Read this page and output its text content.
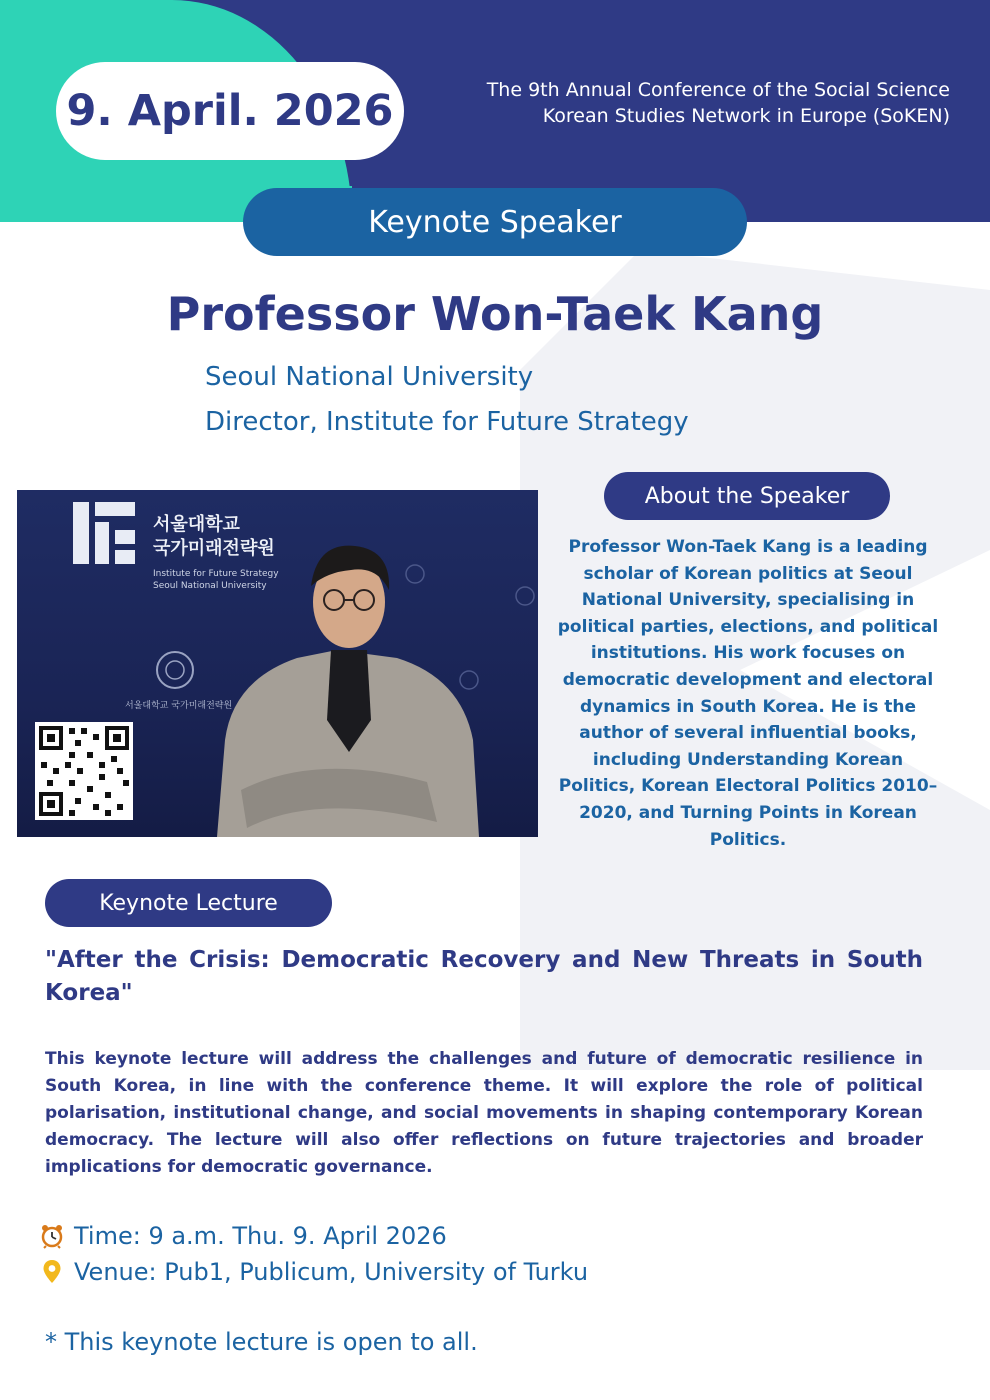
9. April. 2026	The 9th Annual Conference of the Social Science
Korean Studies Network in Europe (SoKEN)
Keynote Speaker
Professor Won-Taek Kang
Seoul National University
Director, Institute for Future Strategy
서울대학교
국가미래전략원
Institute for Future Strategy
Seoul National University
서울대학교 국가미래전략원
About the Speaker
Professor Won-Taek Kang is a leading scholar of Korean politics at Seoul National University, specialising in political parties, elections, and political institutions. His work focuses on democratic development and electoral dynamics in South Korea. He is the author of several influential books, including Understanding Korean Politics, Korean Electoral Politics 2010–2020, and Turning Points in Korean Politics.
Keynote Lecture
"After the Crisis: Democratic Recovery and New Threats in South Korea"
This keynote lecture will address the challenges and future of democratic resilience in South Korea, in line with the conference theme. It will explore the role of political polarisation, institutional change, and social movements in shaping contemporary Korean democracy. The lecture will also offer reflections on future trajectories and broader implications for democratic governance.
Time: 9 a.m. Thu. 9. April 2026
Venue: Pub1, Publicum, University of Turku
* This keynote lecture is open to all.
